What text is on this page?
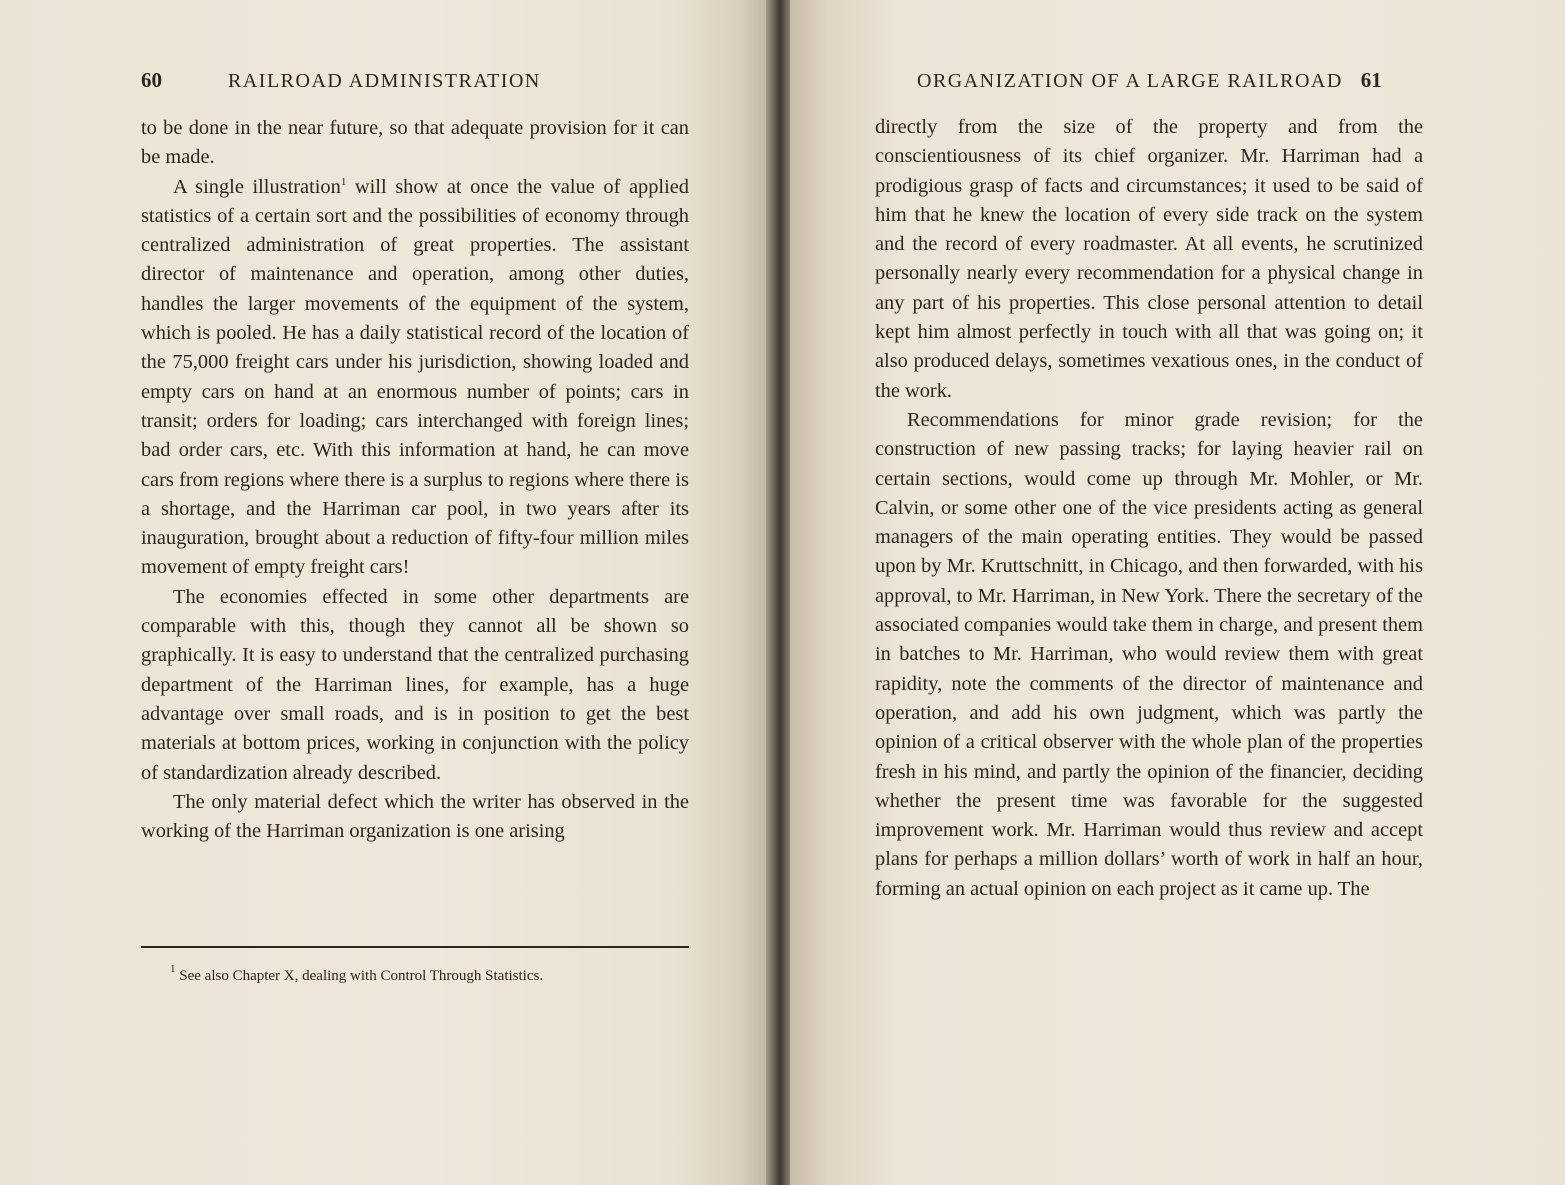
60	RAILROAD ADMINISTRATION

to be done in the near future, so that adequate provision for it can be made.

A single illustration$^1$ will show at once the value of applied statistics of a certain sort and the possibilities of economy through centralized administration of great properties. The assistant director of maintenance and operation, among other duties, handles the larger movements of the equipment of the system, which is pooled. He has a daily statistical record of the location of the 75,000 freight cars under his jurisdiction, showing loaded and empty cars on hand at an enormous number of points; cars in transit; orders for loading; cars interchanged with foreign lines; bad order cars, etc. With this information at hand, he can move cars from regions where there is a surplus to regions where there is a shortage, and the Harriman car pool, in two years after its inauguration, brought about a reduction of fifty-four million miles movement of empty freight cars!

The economies effected in some other departments are comparable with this, though they cannot all be shown so graphically. It is easy to understand that the centralized purchasing department of the Harriman lines, for example, has a huge advantage over small roads, and is in position to get the best materials at bottom prices, working in conjunction with the policy of standardization already described.

The only material defect which the writer has observed in the working of the Harriman organization is one arising

$^1$ See also Chapter X, dealing with Control Through Statistics.

ORGANIZATION OF A LARGE RAILROAD 61

directly from the size of the property and from the conscientiousness of its chief organizer. Mr. Harriman had a prodigious grasp of facts and circumstances; it used to be said of him that he knew the location of every side track on the system and the record of every roadmaster. At all events, he scrutinized personally nearly every recommendation for a physical change in any part of his properties. This close personal attention to detail kept him almost perfectly in touch with all that was going on; it also produced delays, sometimes vexatious ones, in the conduct of the work.

Recommendations for minor grade revision; for the construction of new passing tracks; for laying heavier rail on certain sections, would come up through Mr. Mohler, or Mr. Calvin, or some other one of the vice presidents acting as general managers of the main operating entities. They would be passed upon by Mr. Kruttschnitt, in Chicago, and then forwarded, with his approval, to Mr. Harriman, in New York. There the secretary of the associated companies would take them in charge, and present them in batches to Mr. Harriman, who would review them with great rapidity, note the comments of the director of maintenance and operation, and add his own judgment, which was partly the opinion of a critical observer with the whole plan of the properties fresh in his mind, and partly the opinion of the financier, deciding whether the present time was favorable for the suggested improvement work. Mr. Harriman would thus review and accept plans for perhaps a million dollars’ worth of work in half an hour, forming an actual opinion on each project as it came up. The
